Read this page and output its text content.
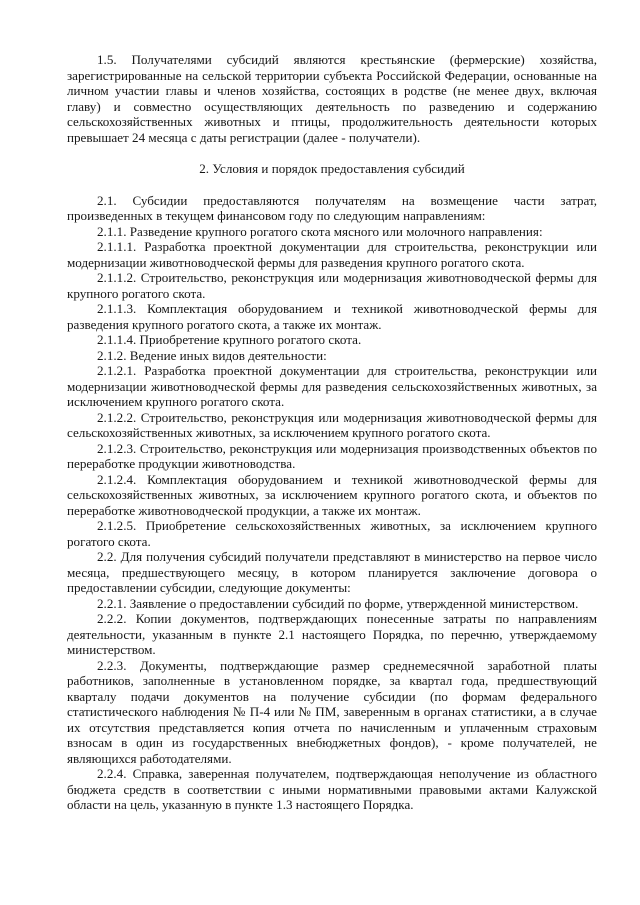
1.5. Получателями субсидий являются крестьянские (фермерские) хозяйства, зарегистрированные на сельской территории субъекта Российской Федерации, основанные на личном участии главы и членов хозяйства, состоящих в родстве (не менее двух, включая главу) и совместно осуществляющих деятельность по разведению и содержанию сельскохозяйственных животных и птицы, продолжительность деятельности которых превышает 24 месяца с даты регистрации (далее - получатели).

2. Условия и порядок предоставления субсидий

2.1. Субсидии предоставляются получателям на возмещение части затрат, произведенных в текущем финансовом году по следующим направлениям:

2.1.1. Разведение крупного рогатого скота мясного или молочного направления:

2.1.1.1. Разработка проектной документации для строительства, реконструкции или модернизации животноводческой фермы для разведения крупного рогатого скота.

2.1.1.2. Строительство, реконструкция или модернизация животноводческой фермы для крупного рогатого скота.

2.1.1.3. Комплектация оборудованием и техникой животноводческой фермы для разведения крупного рогатого скота, а также их монтаж.

2.1.1.4. Приобретение крупного рогатого скота.

2.1.2. Ведение иных видов деятельности:

2.1.2.1. Разработка проектной документации для строительства, реконструкции или модернизации животноводческой фермы для разведения сельскохозяйственных животных, за исключением крупного рогатого скота.

2.1.2.2. Строительство, реконструкция или модернизация животноводческой фермы для сельскохозяйственных животных, за исключением крупного рогатого скота.

2.1.2.3. Строительство, реконструкция или модернизация производственных объектов по переработке продукции животноводства.

2.1.2.4. Комплектация оборудованием и техникой животноводческой фермы для сельскохозяйственных животных, за исключением крупного рогатого скота, и объектов по переработке животноводческой продукции, а также их монтаж.

2.1.2.5. Приобретение сельскохозяйственных животных, за исключением крупного рогатого скота.

2.2. Для получения субсидий получатели представляют в министерство на первое число месяца, предшествующего месяцу, в котором планируется заключение договора о предоставлении субсидии, следующие документы:

2.2.1. Заявление о предоставлении субсидий по форме, утвержденной министерством.

2.2.2. Копии документов, подтверждающих понесенные затраты по направлениям деятельности, указанным в пункте 2.1 настоящего Порядка, по перечню, утверждаемому министерством.

2.2.3. Документы, подтверждающие размер среднемесячной заработной платы работников, заполненные в установленном порядке, за квартал года, предшествующий кварталу подачи документов на получение субсидии (по формам федерального статистического наблюдения № П-4 или № ПМ, заверенным в органах статистики, а в случае их отсутствия представляется копия отчета по начисленным и уплаченным страховым взносам в один из государственных внебюджетных фондов), - кроме получателей, не являющихся работодателями.

2.2.4. Справка, заверенная получателем, подтверждающая неполучение из областного бюджета средств в соответствии с иными нормативными правовыми актами Калужской области на цель, указанную в пункте 1.3 настоящего Порядка.
